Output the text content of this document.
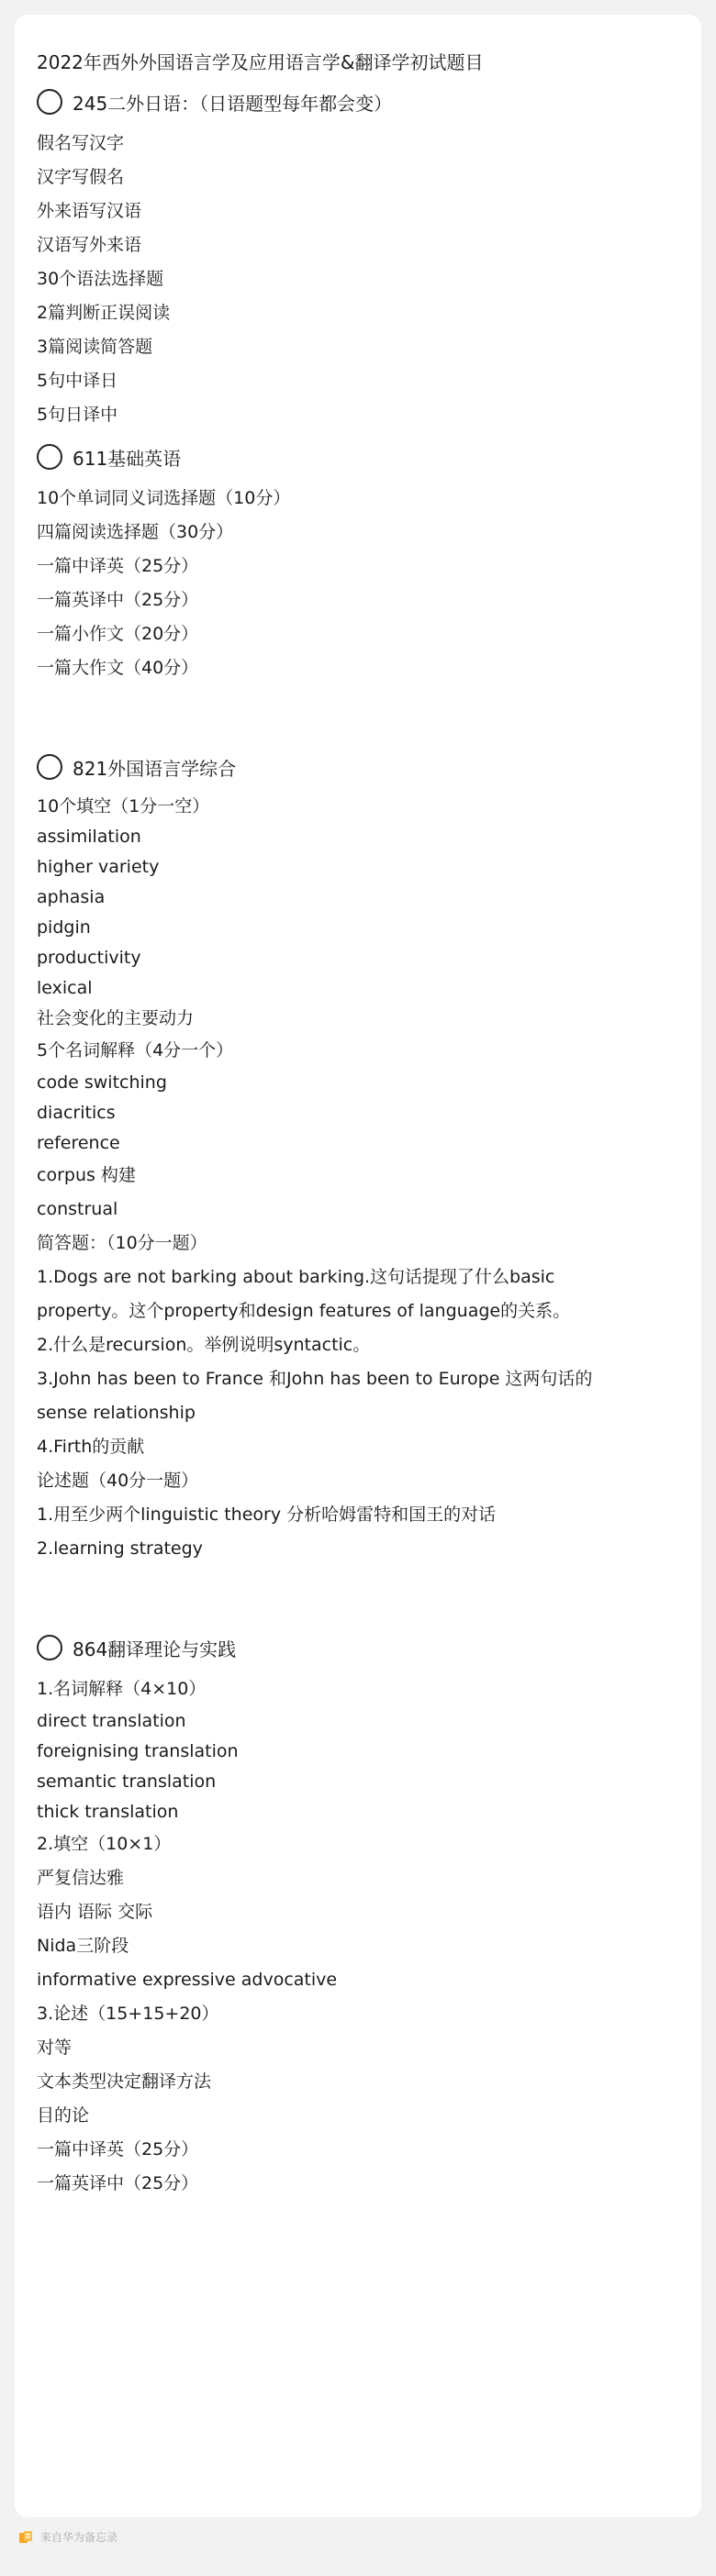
2022年西外外国语言学及应用语言学&翻译学初试题目
245二外日语：（日语题型每年都会变）
假名写汉字
汉字写假名
外来语写汉语
汉语写外来语
30个语法选择题
2篇判断正误阅读
3篇阅读简答题
5句中译日
5句日译中
611基础英语
10个单词同义词选择题（10分）
四篇阅读选择题（30分）
一篇中译英（25分）
一篇英译中（25分）
一篇小作文（20分）
一篇大作文（40分）
821外国语言学综合
10个填空（1分一空）
assimilation
higher variety
aphasia
pidgin
productivity
lexical
社会变化的主要动力
5个名词解释（4分一个）
code switching
diacritics
reference
corpus 构建
construal
简答题：（10分一题）
1.Dogs are not barking about barking.这句话提现了什么basic
property。这个property和design features of language的关系。
2.什么是recursion。举例说明syntactic。
3.John has been to France 和John has been to Europe 这两句话的
sense relationship
4.Firth的贡献
论述题（40分一题）
1.用至少两个linguistic theory 分析哈姆雷特和国王的对话
2.learning strategy
864翻译理论与实践
1.名词解释（4×10）
direct translation
foreignising translation
semantic translation
thick translation
2.填空（10×1）
严复信达雅
语内 语际 交际
Nida三阶段
informative expressive advocative
3.论述（15+15+20）
对等
文本类型决定翻译方法
目的论
一篇中译英（25分）
一篇英译中（25分）
来自华为备忘录
